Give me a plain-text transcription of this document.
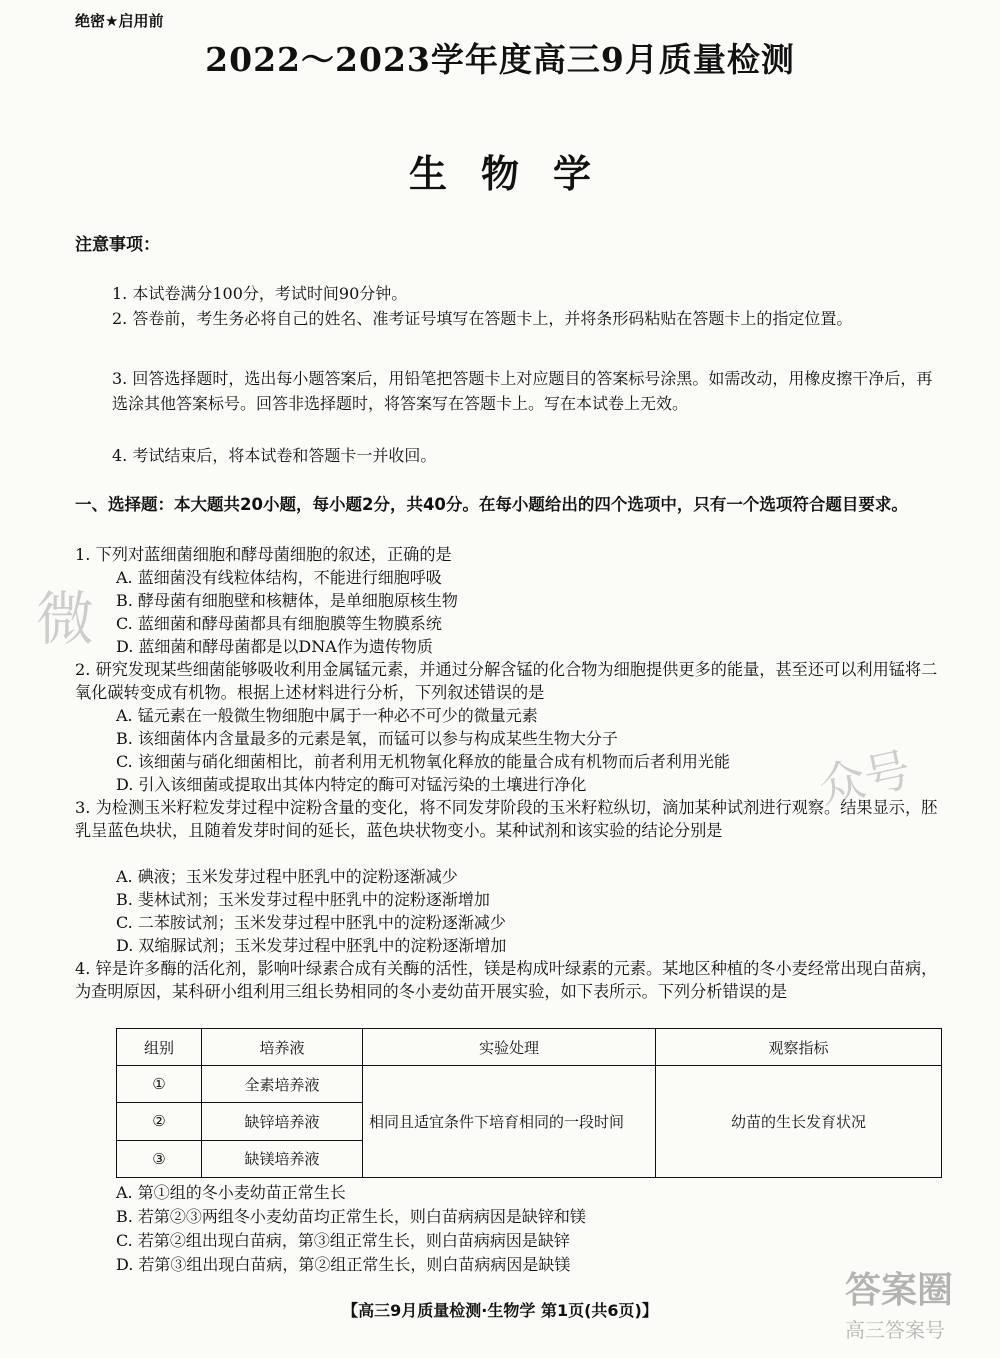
绝密★启用前
2022～2023学年度高三9月质量检测
生物学
注意事项：
1. 本试卷满分100分，考试时间90分钟。
2. 答卷前，考生务必将自己的姓名、准考证号填写在答题卡上，并将条形码粘贴在答题卡上的指定位置。
3. 回答选择题时，选出每小题答案后，用铅笔把答题卡上对应题目的答案标号涂黑。如需改动，用橡皮擦干净后，再选涂其他答案标号。回答非选择题时，将答案写在答题卡上。写在本试卷上无效。
4. 考试结束后，将本试卷和答题卡一并收回。
一、选择题：本大题共20小题，每小题2分，共40分。在每小题给出的四个选项中，只有一个选项符合题目要求。
1. 下列对蓝细菌细胞和酵母菌细胞的叙述，正确的是
A. 蓝细菌没有线粒体结构，不能进行细胞呼吸
B. 酵母菌有细胞壁和核糖体，是单细胞原核生物
C. 蓝细菌和酵母菌都具有细胞膜等生物膜系统
D. 蓝细菌和酵母菌都是以DNA作为遗传物质
2. 研究发现某些细菌能够吸收利用金属锰元素，并通过分解含锰的化合物为细胞提供更多的能量，甚至还可以利用锰将二氧化碳转变成有机物。根据上述材料进行分析，下列叙述错误的是
A. 锰元素在一般微生物细胞中属于一种必不可少的微量元素
B. 该细菌体内含量最多的元素是氧，而锰可以参与构成某些生物大分子
C. 该细菌与硝化细菌相比，前者利用无机物氧化释放的能量合成有机物而后者利用光能
D. 引入该细菌或提取出其体内特定的酶可对锰污染的土壤进行净化
3. 为检测玉米籽粒发芽过程中淀粉含量的变化，将不同发芽阶段的玉米籽粒纵切，滴加某种试剂进行观察。结果显示，胚乳呈蓝色块状，且随着发芽时间的延长，蓝色块状物变小。某种试剂和该实验的结论分别是
A. 碘液；玉米发芽过程中胚乳中的淀粉逐渐减少
B. 斐林试剂；玉米发芽过程中胚乳中的淀粉逐渐增加
C. 二苯胺试剂；玉米发芽过程中胚乳中的淀粉逐渐减少
D. 双缩脲试剂；玉米发芽过程中胚乳中的淀粉逐渐增加
4. 锌是许多酶的活化剂，影响叶绿素合成有关酶的活性，镁是构成叶绿素的元素。某地区种植的冬小麦经常出现白苗病，为查明原因，某科研小组利用三组长势相同的冬小麦幼苗开展实验，如下表所示。下列分析错误的是
组别	培养液	实验处理	观察指标
①	全素培养液	相同且适宜条件下培育相同的一段时间	幼苗的生长发育状况
②	缺锌培养液		
③	缺镁培养液		
A. 第①组的冬小麦幼苗正常生长
B. 若第②③两组冬小麦幼苗均正常生长，则白苗病病因是缺锌和镁
C. 若第②组出现白苗病，第③组正常生长，则白苗病病因是缺锌
D. 若第③组出现白苗病，第②组正常生长，则白苗病病因是缺镁
【高三9月质量检测·生物学 第1页(共6页)】
微
众号
答案圈
高三答案号
